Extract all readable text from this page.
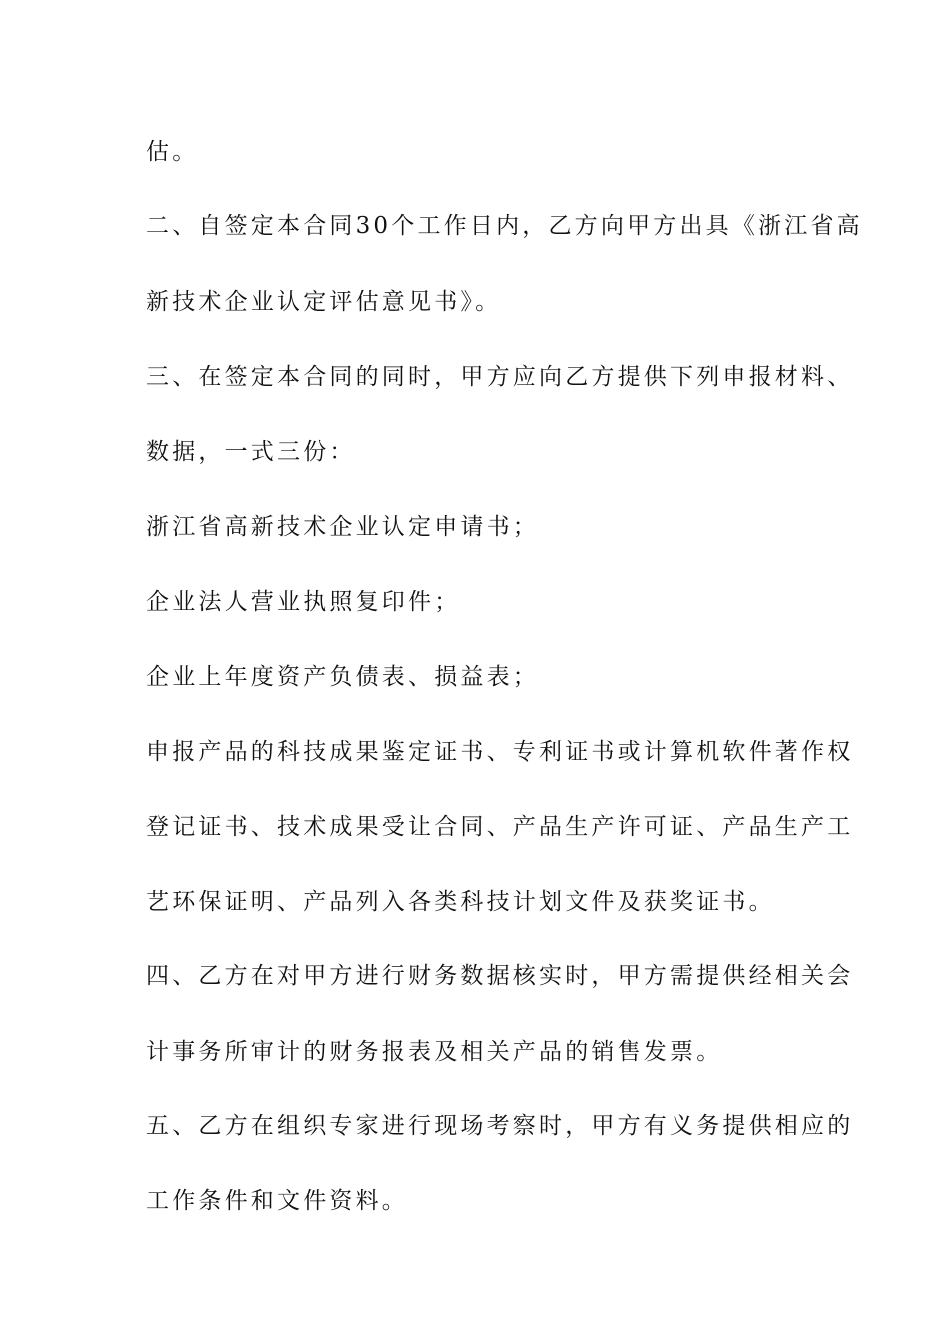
估。
二、自签定本合同30个工作日内，乙方向甲方出具《浙江省高
新技术企业认定评估意见书》。
三、在签定本合同的同时，甲方应向乙方提供下列申报材料、
数据，一式三份：
浙江省高新技术企业认定申请书；
企业法人营业执照复印件；
企业上年度资产负债表、损益表；
申报产品的科技成果鉴定证书、专利证书或计算机软件著作权
登记证书、技术成果受让合同、产品生产许可证、产品生产工
艺环保证明、产品列入各类科技计划文件及获奖证书。
四、乙方在对甲方进行财务数据核实时，甲方需提供经相关会
计事务所审计的财务报表及相关产品的销售发票。
五、乙方在组织专家进行现场考察时，甲方有义务提供相应的
工作条件和文件资料。
